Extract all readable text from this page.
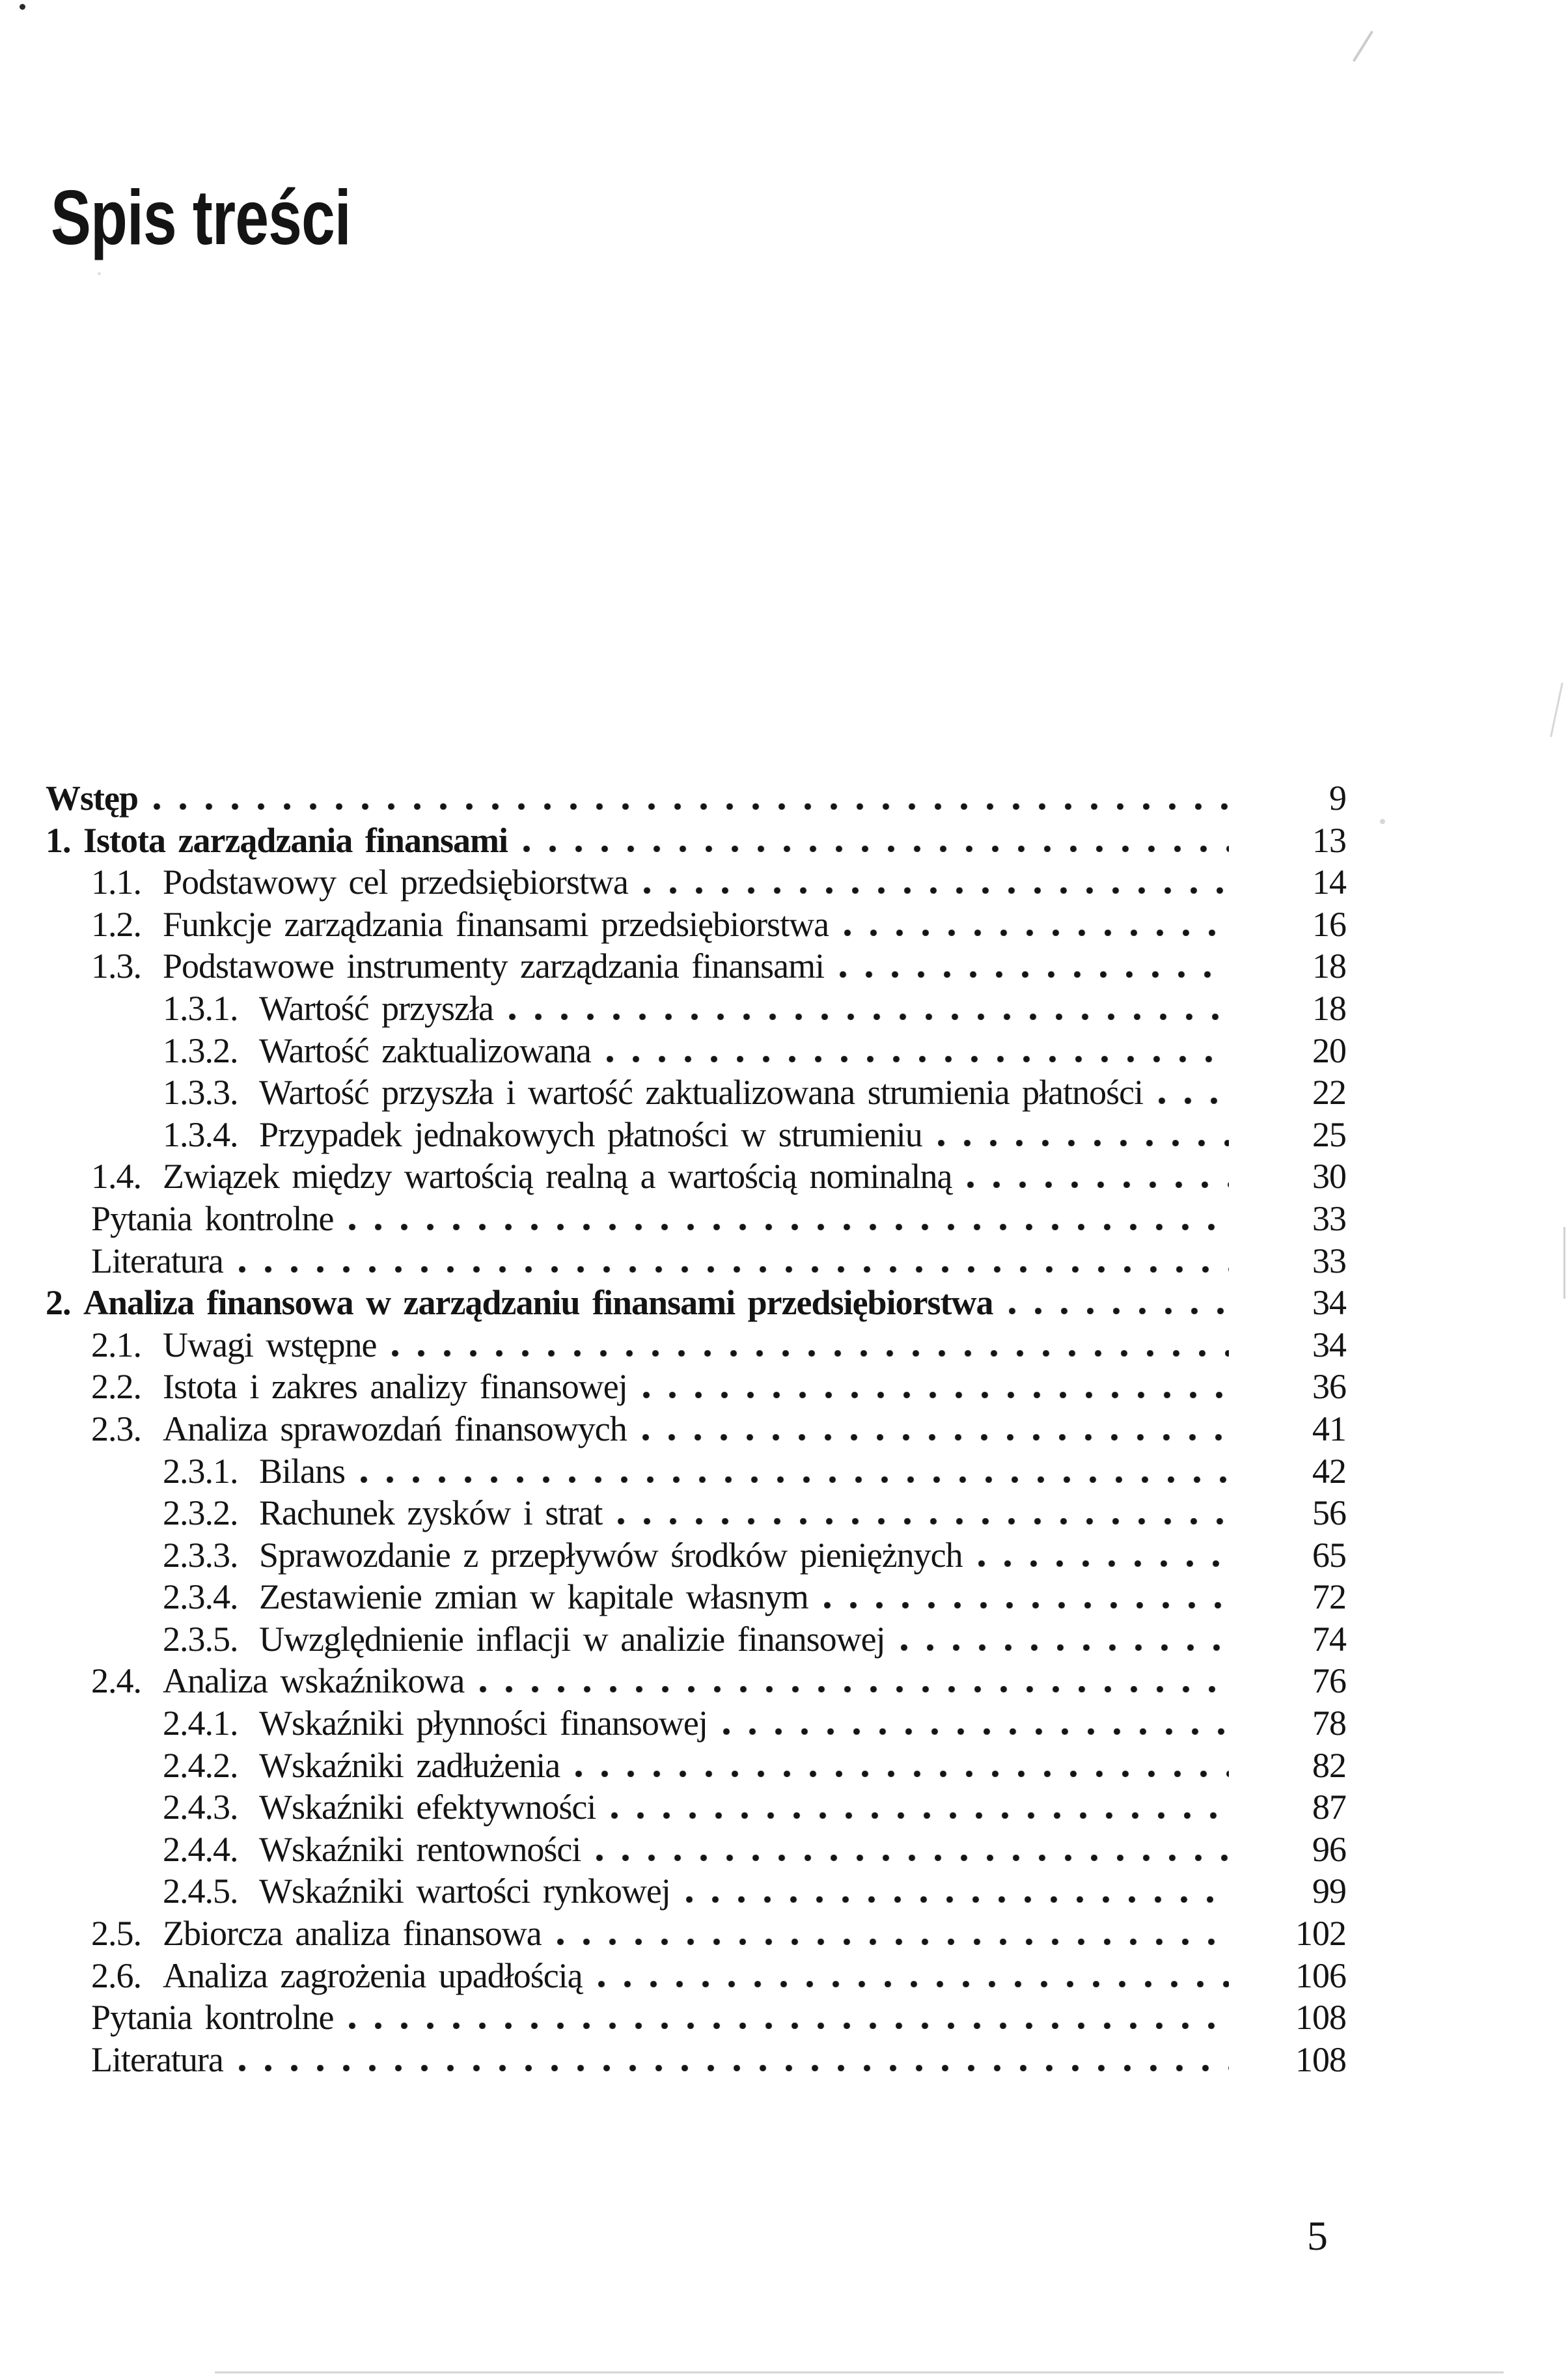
Spis treści
Wstęp	9
1. Istota zarządzania finansami	13
1.1. Podstawowy cel przedsiębiorstwa	14
1.2. Funkcje zarządzania finansami przedsiębiorstwa	16
1.3. Podstawowe instrumenty zarządzania finansami	18
1.3.1. Wartość przyszła	18
1.3.2. Wartość zaktualizowana	20
1.3.3. Wartość przyszła i wartość zaktualizowana strumienia płatności	22
1.3.4. Przypadek jednakowych płatności w strumieniu	25
1.4. Związek między wartością realną a wartością nominalną	30
Pytania kontrolne	33
Literatura	33
2. Analiza finansowa w zarządzaniu finansami przedsiębiorstwa	34
2.1. Uwagi wstępne	34
2.2. Istota i zakres analizy finansowej	36
2.3. Analiza sprawozdań finansowych	41
2.3.1. Bilans	42
2.3.2. Rachunek zysków i strat	56
2.3.3. Sprawozdanie z przepływów środków pieniężnych	65
2.3.4. Zestawienie zmian w kapitale własnym	72
2.3.5. Uwzględnienie inflacji w analizie finansowej	74
2.4. Analiza wskaźnikowa	76
2.4.1. Wskaźniki płynności finansowej	78
2.4.2. Wskaźniki zadłużenia	82
2.4.3. Wskaźniki efektywności	87
2.4.4. Wskaźniki rentowności	96
2.4.5. Wskaźniki wartości rynkowej	99
2.5. Zbiorcza analiza finansowa	102
2.6. Analiza zagrożenia upadłością	106
Pytania kontrolne	108
Literatura	108
5
